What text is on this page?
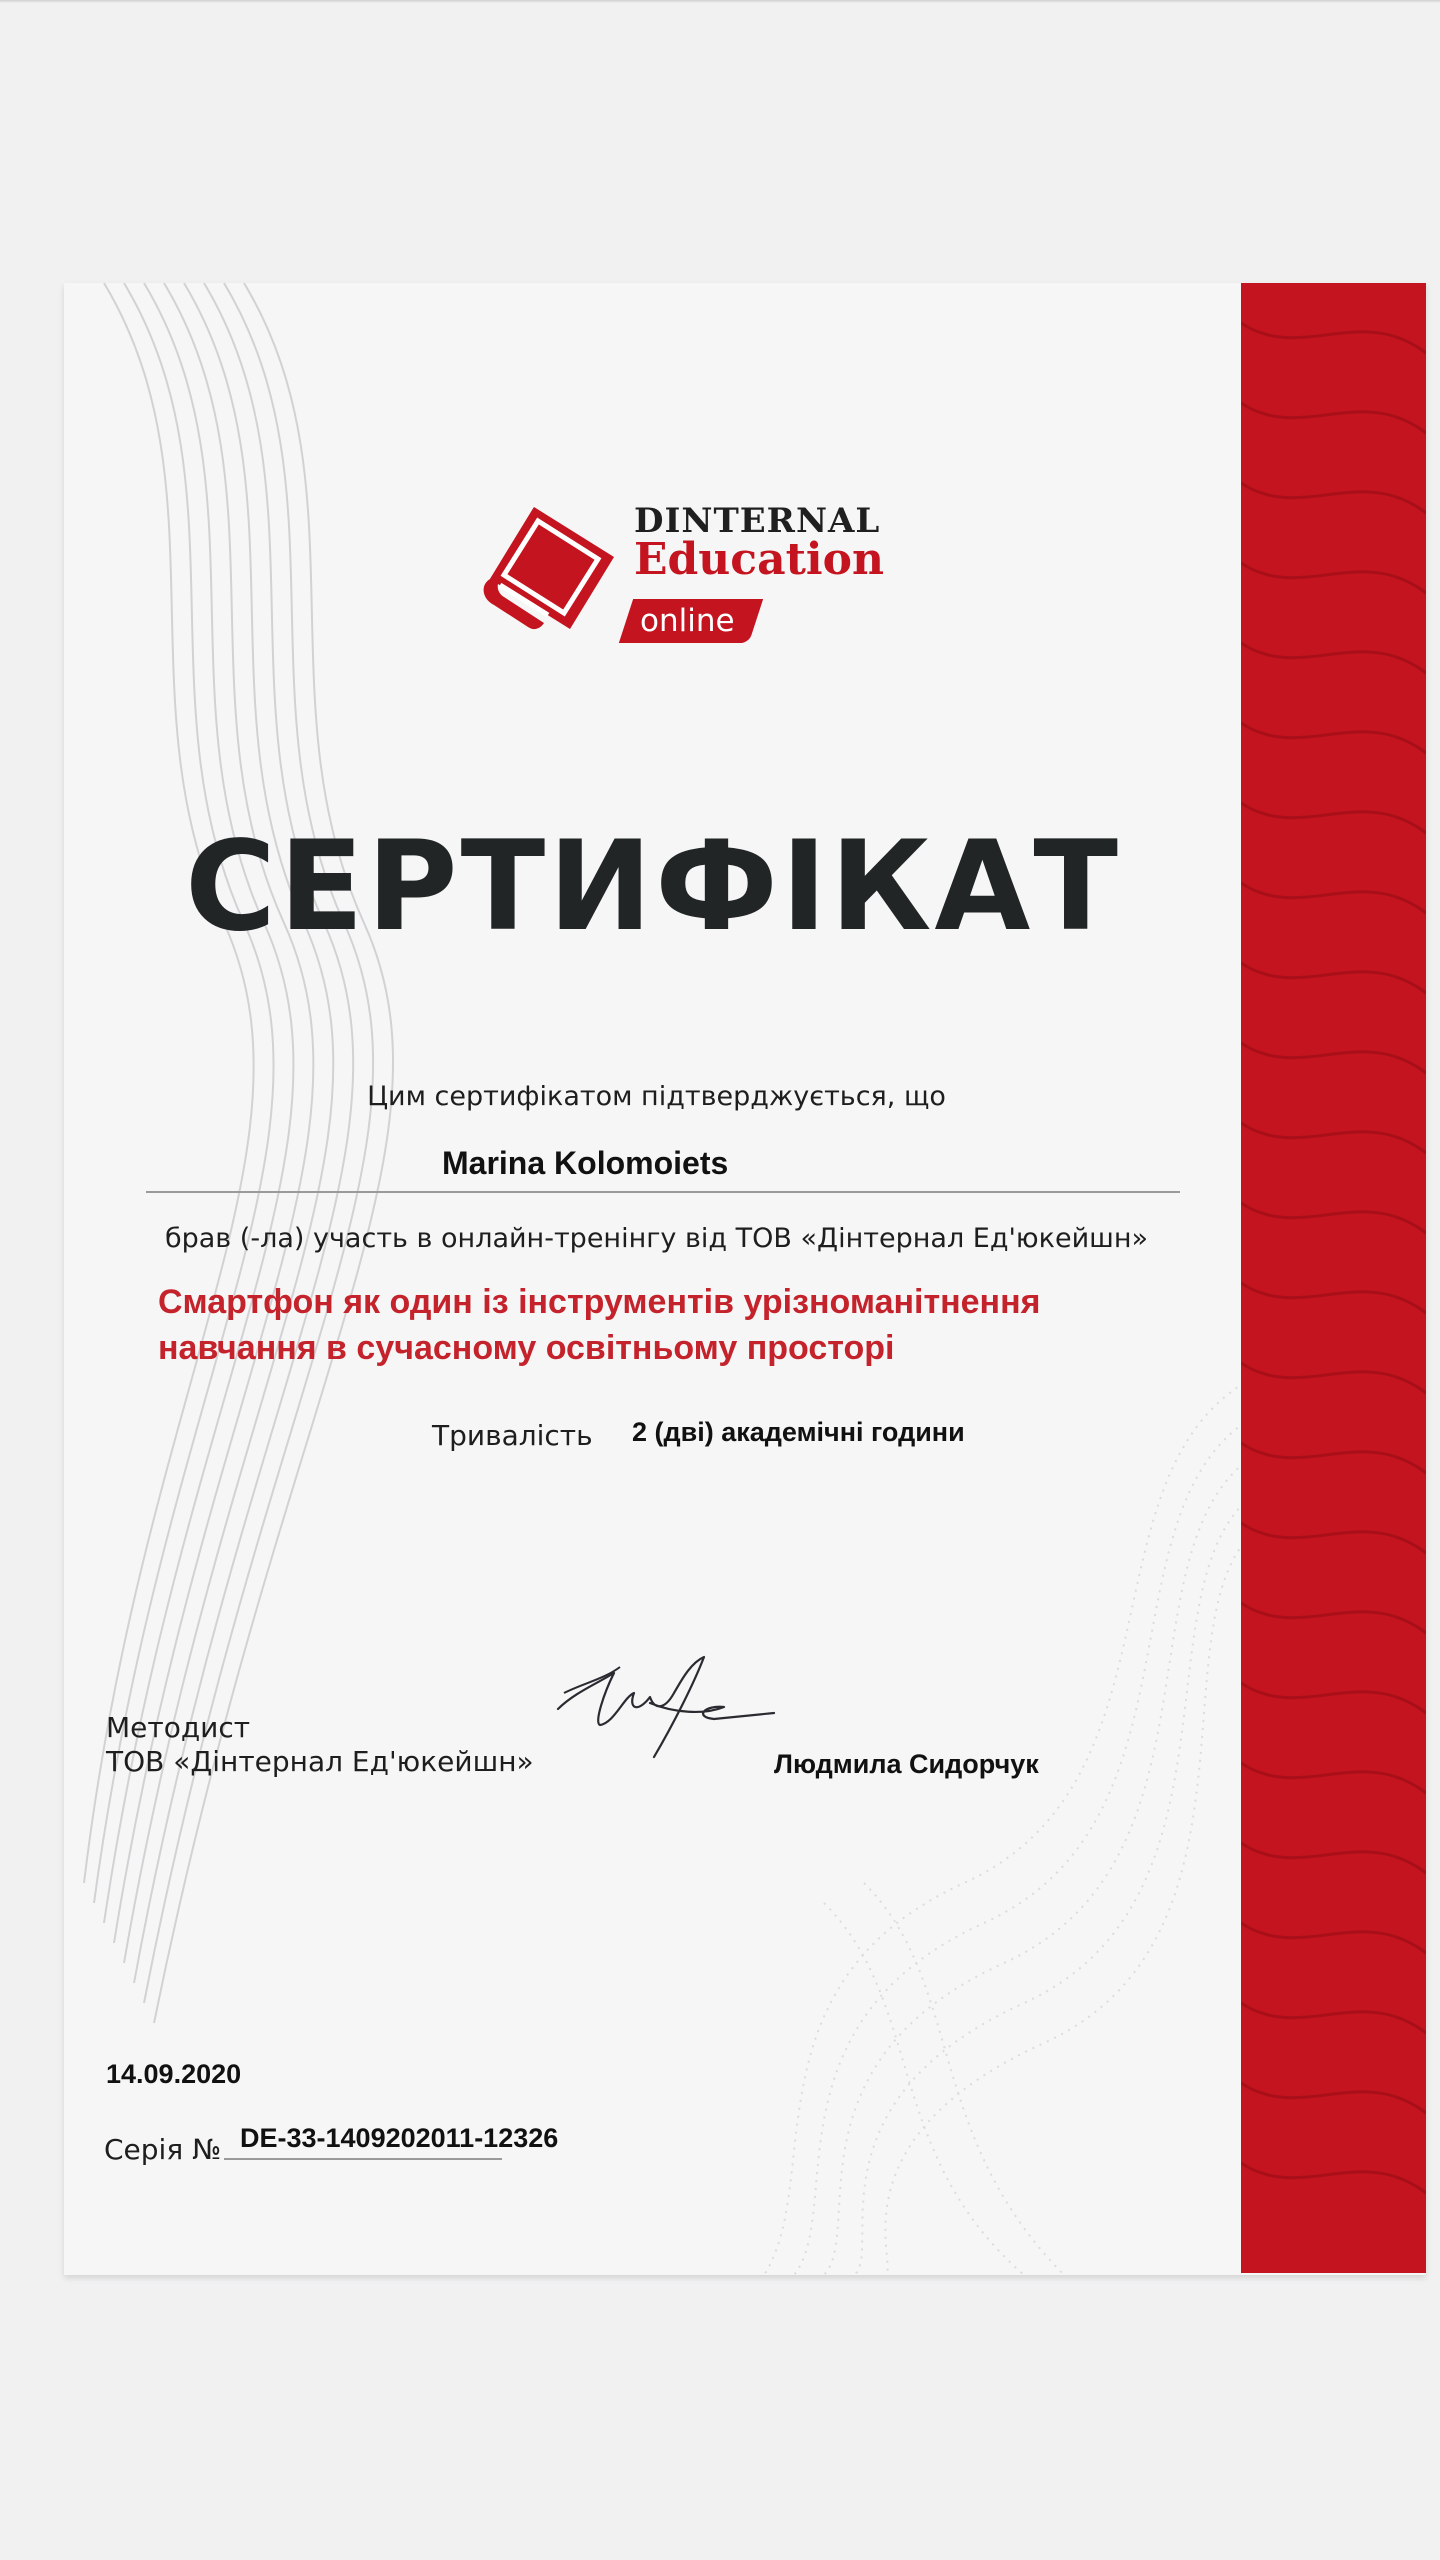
DINTERNAL
Education
online
СЕРТИФІКАТ
Цим сертифікатом підтверджується, що
Marina Kolomoiets
брав (-ла) участь в онлайн-тренінгу від ТОВ «Дінтернал Ед'юкейшн»
Смартфон як один із інструментів урізноманітнення
навчання в сучасному освітньому просторі
Тривалість 2 (дві) академічні години
Методист
ТОВ «Дінтернал Ед'юкейшн»	Людмила Сидорчук
14.09.2020
Серія № DE-33-1409202011-12326
